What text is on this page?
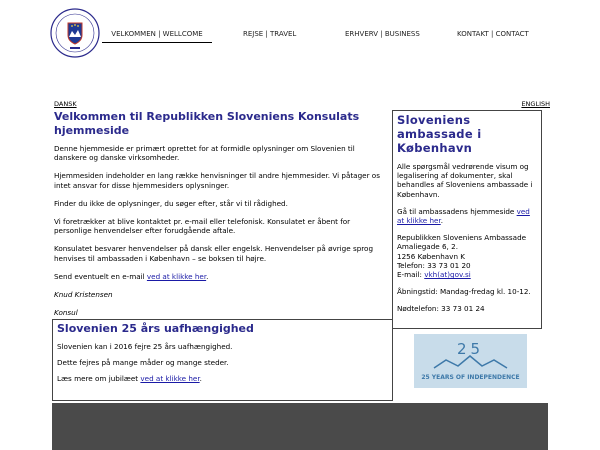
VELKOMMEN | WELLCOME	REJSE | TRAVEL	ERHVERV | BUSINESS	KONTAKT | CONTACT
DANSK	ENGLISH
Velkommen til Republikken Sloveniens Konsulats hjemmeside

Denne hjemmeside er primært oprettet for at formidle oplysninger om Slovenien til danskere og danske virksomheder.

Hjemmesiden indeholder en lang række henvisninger til andre hjemmesider. Vi påtager os intet ansvar for disse hjemmesiders oplysninger.

Finder du ikke de oplysninger, du søger efter, står vi til rådighed.

Vi foretrækker at blive kontaktet pr. e-mail eller telefonisk. Konsulatet er åbent for personlige henvendelser efter forudgående aftale.

Konsulatet besvarer henvendelser på dansk eller engelsk. Henvendelser på øvrige sprog henvises til ambassaden i København – se boksen til højre.

Send eventuelt en e-mail ved at klikke her.

Knud Kristensen

Konsul

Sloveniens ambassade i København

Alle spørgsmål vedrørende visum og legalisering af dokumenter, skal behandles af Sloveniens ambassade i København.

Gå til ambassadens hjemmeside ved at klikke her.

Republikken Sloveniens Ambassade
Amaliegade 6, 2.
1256 København K
Telefon: 33 73 01 20
E-mail: vkh(at)gov.si

Åbningstid: Mandag-fredag kl. 10-12.

Nødtelefon: 33 73 01 24

25
25 YEARS OF INDEPENDENCE
Slovenien 25 års uafhængighed

Slovenien kan i 2016 fejre 25 års uafhængighed.

Dette fejres på mange måder og mange steder.

Læs mere om jubilæet ved at klikke her.
